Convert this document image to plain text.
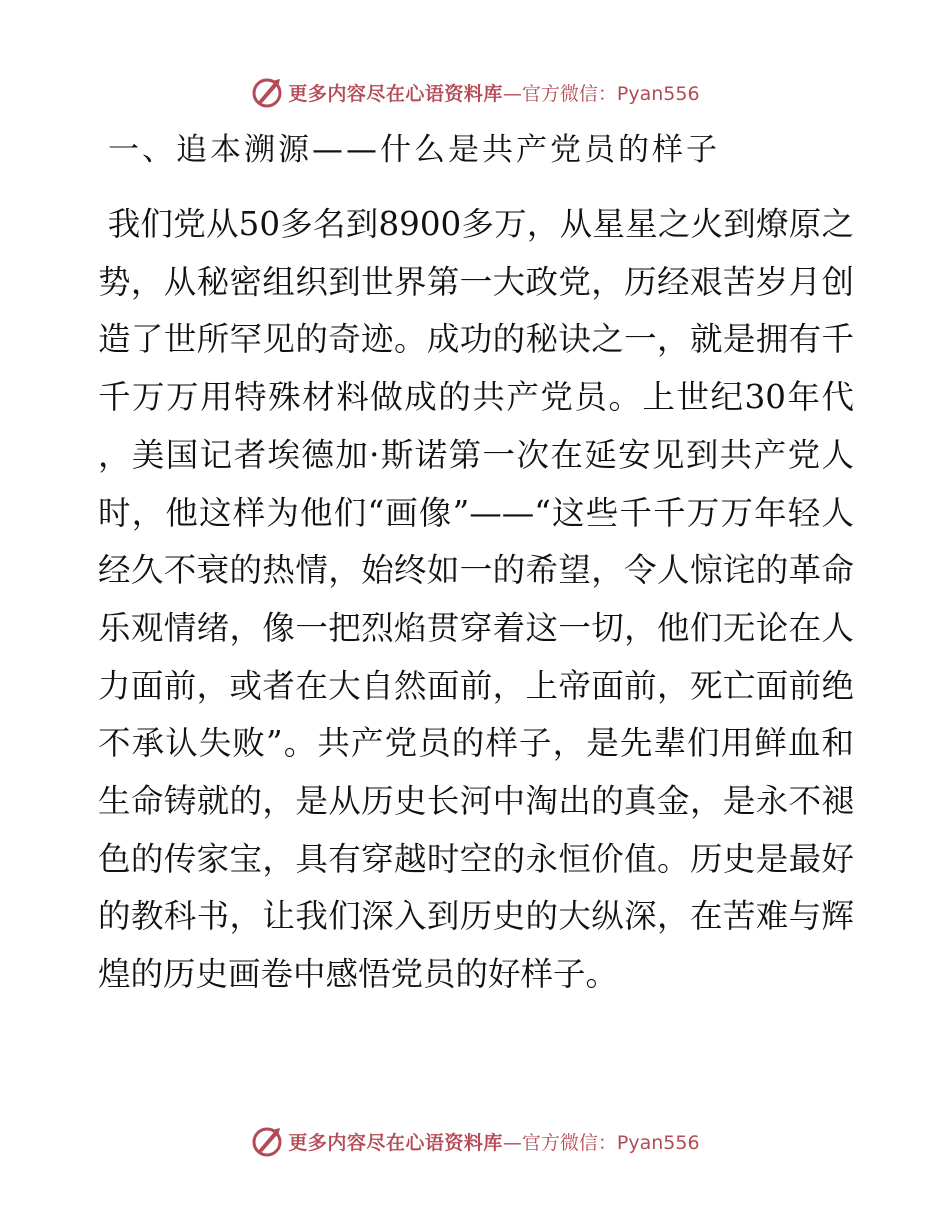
更多内容尽在心语资料库 —官方微信：Pyan556
一、追本溯源——什么是共产党员的样子

我们党从50多名到8900多万，从星星之火到燎原之势，从秘密组织到世界第一大政党，历经艰苦岁月创造了世所罕见的奇迹。成功的秘诀之一，就是拥有千千万万用特殊材料做成的共产党员。上世纪30年代，美国记者埃德加·斯诺第一次在延安见到共产党人时，他这样为他们“画像”——“这些千千万万年轻人经久不衰的热情，始终如一的希望，令人惊诧的革命乐观情绪，像一把烈焰贯穿着这一切，他们无论在人力面前，或者在大自然面前，上帝面前，死亡面前绝不承认失败”。共产党员的样子，是先辈们用鲜血和生命铸就的，是从历史长河中淘出的真金，是永不褪色的传家宝，具有穿越时空的永恒价值。历史是最好的教科书，让我们深入到历史的大纵深，在苦难与辉煌的历史画卷中感悟党员的好样子。

更多内容尽在心语资料库 —官方微信：Pyan556
